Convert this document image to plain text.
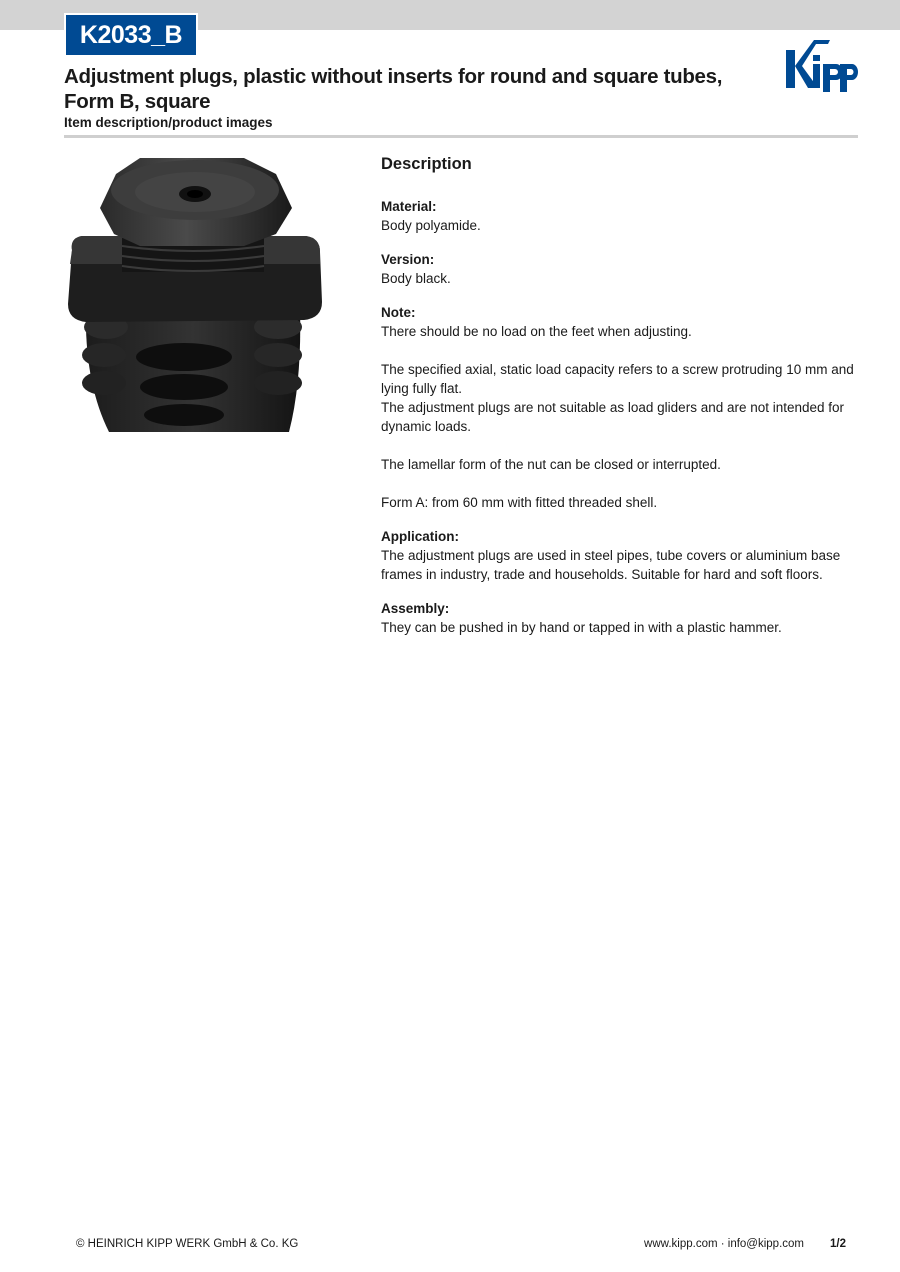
K2033_B
Adjustment plugs, plastic without inserts for round and square tubes, Form B, square
Item description/product images
Description
Material:
Body polyamide.
Version:
Body black.
Note:
There should be no load on the feet when adjusting.
The specified axial, static load capacity refers to a screw protruding 10 mm and lying fully flat.
The adjustment plugs are not suitable as load gliders and are not intended for dynamic loads.
The lamellar form of the nut can be closed or interrupted.
Form A: from 60 mm with fitted threaded shell.
Application:
The adjustment plugs are used in steel pipes, tube covers or aluminium base frames in industry, trade and households. Suitable for hard and soft floors.
Assembly:
They can be pushed in by hand or tapped in with a plastic hammer.
© HEINRICH KIPP WERK GmbH & Co. KG	www.kipp.com · info@kipp.com 1/2
